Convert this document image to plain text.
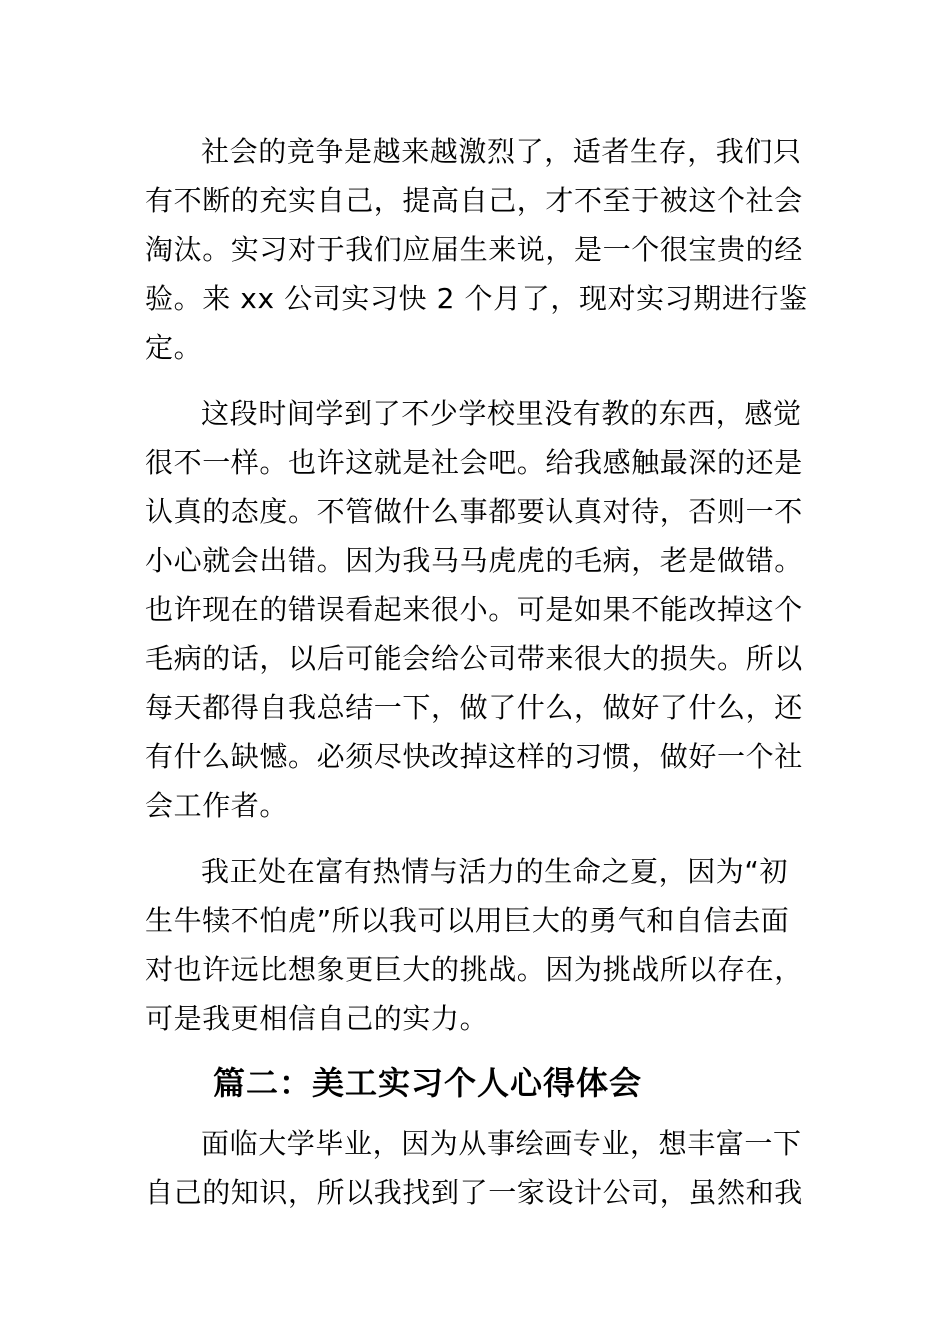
社会的竞争是越来越激烈了，适者生存，我们只
有不断的充实自己，提高自己，才不至于被这个社会
淘汰。实习对于我们应届生来说，是一个很宝贵的经
验。来 xx 公司实习快 2 个月了，现对实习期进行鉴
定。
这段时间学到了不少学校里没有教的东西，感觉
很不一样。也许这就是社会吧。给我感触最深的还是
认真的态度。不管做什么事都要认真对待，否则一不
小心就会出错。因为我马马虎虎的毛病，老是做错。
也许现在的错误看起来很小。可是如果不能改掉这个
毛病的话，以后可能会给公司带来很大的损失。所以
每天都得自我总结一下，做了什么，做好了什么，还
有什么缺憾。必须尽快改掉这样的习惯，做好一个社
会工作者。
我正处在富有热情与活力的生命之夏，因为“初
生牛犊不怕虎”所以我可以用巨大的勇气和自信去面
对也许远比想象更巨大的挑战。因为挑战所以存在，
可是我更相信自己的实力。
篇二：美工实习个人心得体会
面临大学毕业，因为从事绘画专业，想丰富一下
自己的知识，所以我找到了一家设计公司，虽然和我
